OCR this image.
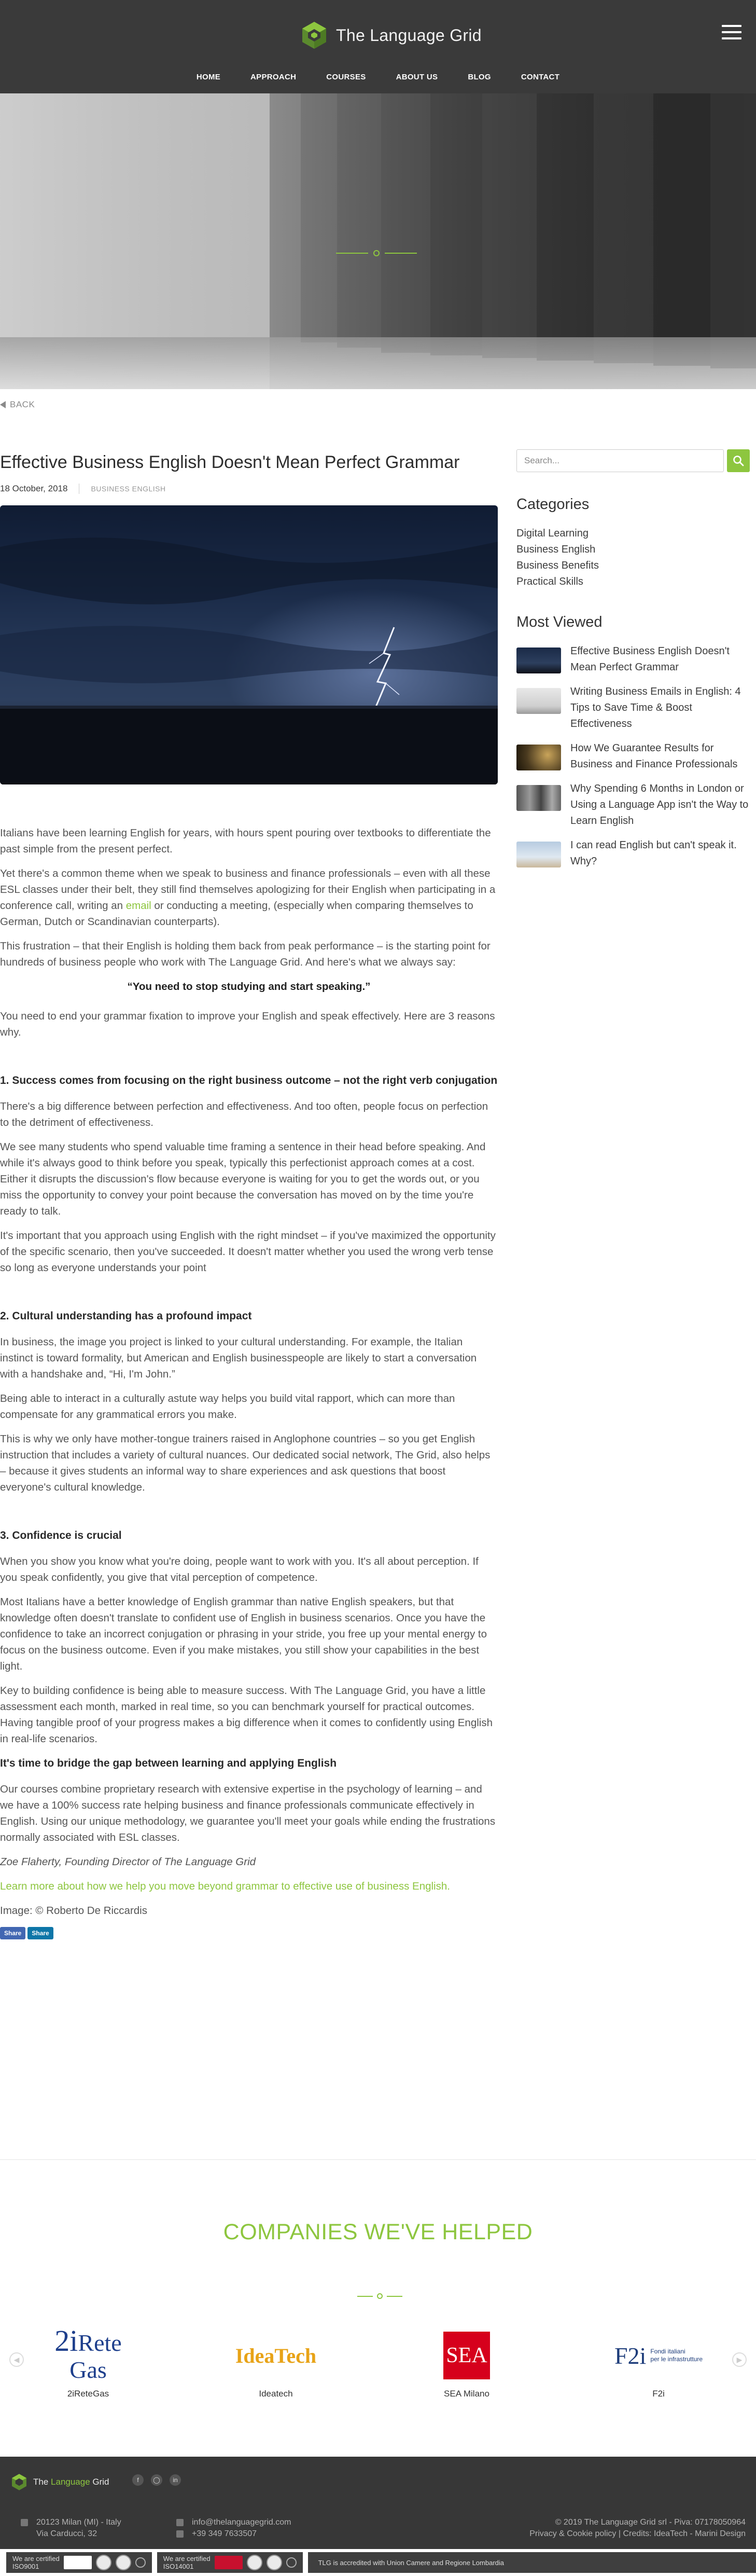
The Language Grid
HOME	APPROACH	COURSES	ABOUT US	BLOG	CONTACT
BACK
Effective Business English Doesn't Mean Perfect Grammar
18 October, 2018	BUSINESS ENGLISH

Italians have been learning English for years, with hours spent pouring over textbooks to differentiate the past simple from the present perfect.

Yet there's a common theme when we speak to business and finance professionals – even with all these ESL classes under their belt, they still find themselves apologizing for their English when participating in a conference call, writing an email or conducting a meeting, (especially when comparing themselves to German, Dutch or Scandinavian counterparts).

This frustration – that their English is holding them back from peak performance – is the starting point for hundreds of business people who work with The Language Grid. And here's what we always say:

“You need to stop studying and start speaking.”

You need to end your grammar fixation to improve your English and speak effectively. Here are 3 reasons why.

1. Success comes from focusing on the right business outcome – not the right verb conjugation

There's a big difference between perfection and effectiveness. And too often, people focus on perfection to the detriment of effectiveness.

We see many students who spend valuable time framing a sentence in their head before speaking. And while it's always good to think before you speak, typically this perfectionist approach comes at a cost. Either it disrupts the discussion's flow because everyone is waiting for you to get the words out, or you miss the opportunity to convey your point because the conversation has moved on by the time you're ready to talk.

It's important that you approach using English with the right mindset – if you've maximized the opportunity of the specific scenario, then you've succeeded. It doesn't matter whether you used the wrong verb tense so long as everyone understands your point

2. Cultural understanding has a profound impact

In business, the image you project is linked to your cultural understanding. For example, the Italian instinct is toward formality, but American and English businesspeople are likely to start a conversation with a handshake and, “Hi, I'm John.”

Being able to interact in a culturally astute way helps you build vital rapport, which can more than compensate for any grammatical errors you make.

This is why we only have mother-tongue trainers raised in Anglophone countries – so you get English instruction that includes a variety of cultural nuances. Our dedicated social network, The Grid, also helps – because it gives students an informal way to share experiences and ask questions that boost everyone's cultural knowledge.

3. Confidence is crucial

When you show you know what you're doing, people want to work with you. It's all about perception. If you speak confidently, you give that vital perception of competence.

Most Italians have a better knowledge of English grammar than native English speakers, but that knowledge often doesn't translate to confident use of English in business scenarios. Once you have the confidence to take an incorrect conjugation or phrasing in your stride, you free up your mental energy to focus on the business outcome. Even if you make mistakes, you still show your capabilities in the best light.

Key to building confidence is being able to measure success. With The Language Grid, you have a little assessment each month, marked in real time, so you can benchmark yourself for practical outcomes. Having tangible proof of your progress makes a big difference when it comes to confidently using English in real-life scenarios.

It's time to bridge the gap between learning and applying English

Our courses combine proprietary research with extensive expertise in the psychology of learning – and we have a 100% success rate helping business and finance professionals communicate effectively in English. Using our unique methodology, we guarantee you'll meet your goals while ending the frustrations normally associated with ESL classes.

Zoe Flaherty, Founding Director of The Language Grid

Learn more about how we help you move beyond grammar to effective use of business English.

Image: © Roberto De Riccardis

Share	Share
Search...
Categories
Digital Learning
Business English
Business Benefits
Practical Skills
Most Viewed
Effective Business English Doesn't Mean Perfect Grammar
Writing Business Emails in English: 4 Tips to Save Time & Boost Effectiveness
How We Guarantee Results for Business and Finance Professionals
Why Spending 6 Months in London or Using a Language App isn't the Way to Learn English
I can read English but can't speak it. Why?
COMPANIES WE'VE HELPED
◀	▶
2iRete
Gas
2iReteGas
IdeaTech
Ideatech
SEA
SEA Milano
F2i Fondi italiani
per le infrastrutture
F2i
The Language Grid	f	◯	in
20123 Milan (MI) - Italy
Via Carducci, 32
info@thelanguagegrid.com
+39 349 7633507
© 2019 The Language Grid srl - Piva: 07178050964
Privacy & Cookie policy | Credits: IdeaTech - Marini Design
We are certified
ISO9001
We are certified
ISO14001	TLG is accredited with Union Camere and Regione Lombardia
